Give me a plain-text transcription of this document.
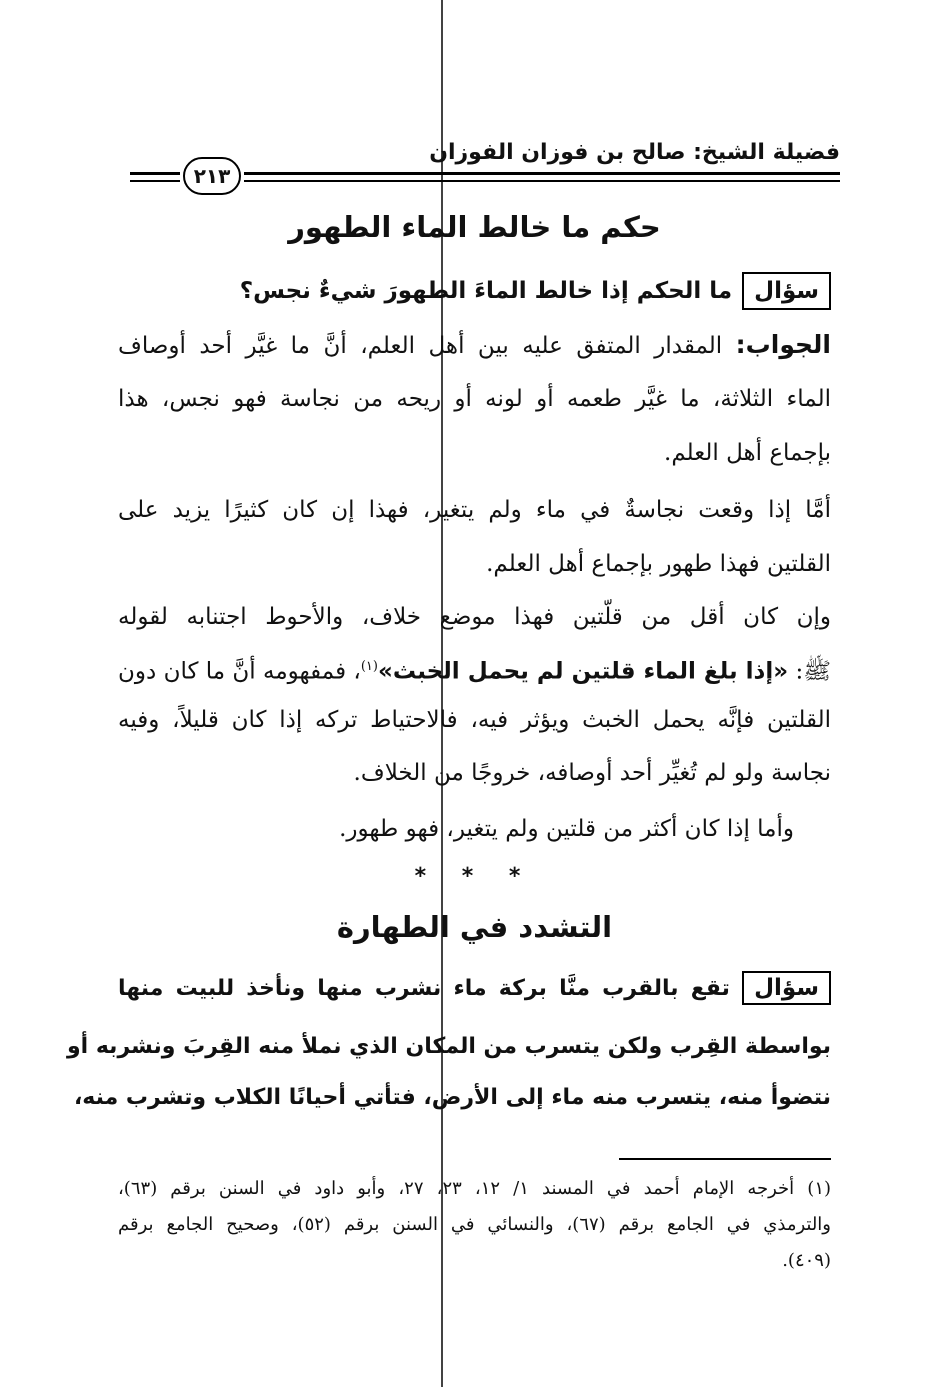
فضيلة الشيخ: صالح بن فوزان الفوزان
٢١٣
حكم ما خالط الماء الطهور
سؤال
ما الحكم إذا خالط الماءَ الطهورَ شيءٌ نجس؟
الجواب: المقدار المتفق عليه بين أهل العلم، أنَّ ما غيَّر أحد أوصاف
الماء الثلاثة، ما غيَّر طعمه أو لونه أو ريحه من نجاسة فهو نجس، هذا
بإجماع أهل العلم.
أمَّا إذا وقعت نجاسةٌ في ماء ولم يتغير، فهذا إن كان كثيرًا يزيد على
القلتين فهذا طهور بإجماع أهل العلم.
وإن كان أقل من قلّتين فهذا موضع خلاف، والأحوط اجتنابه لقوله
ﷺ: «إذا بلغ الماء قلتين لم يحمل الخبث»$^{(١)}$، فمفهومه أنَّ ما كان دون
القلتين فإنَّه يحمل الخبث ويؤثر فيه، فالاحتياط تركه إذا كان قليلاً، وفيه
نجاسة ولو لم تُغيِّر أحد أوصافه، خروجًا من الخلاف.
وأما إذا كان أكثر من قلتين ولم يتغير، فهو طهور.
* * *
التشدد في الطهارة
سؤال تقع بالقرب منَّا بركة ماء نشرب منها ونأخذ للبيت منها
بواسطة القِرب ولكن يتسرب من المكان الذي نملأ منه القِربَ ونشربه أو
نتضوأ منه، يتسرب منه ماء إلى الأرض، فتأتي أحيانًا الكلاب وتشرب منه،
(١) أخرجه الإمام أحمد في المسند ١/ ١٢، ٢٣، ٢٧، وأبو داود في السنن برقم (٦٣)،
والترمذي في الجامع برقم (٦٧)، والنسائي في السنن برقم (٥٢)، وصحيح الجامع برقم
(٤٠٩).
